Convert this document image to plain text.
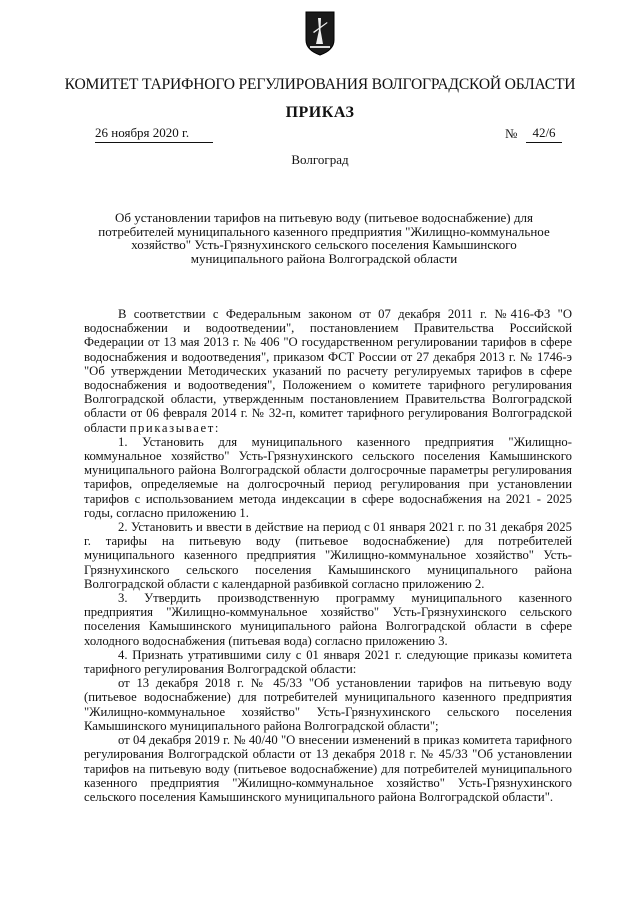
КОМИТЕТ ТАРИФНОГО РЕГУЛИРОВАНИЯ ВОЛГОГРАДСКОЙ ОБЛАСТИ
ПРИКАЗ
26 ноября 2020 г.	№	42/6
Волгоград
Об установлении тарифов на питьевую воду (питьевое водоснабжение) для потребителей муниципального казенного предприятия "Жилищно-коммунальное хозяйство" Усть-Грязнухинского сельского поселения Камышинского муниципального района Волгоградской области

В соответствии с Федеральным законом от 07 декабря 2011 г. №416-ФЗ "О водоснабжении и водоотведении", постановлением Правительства Российской Федерации от 13 мая 2013 г. № 406 "О государственном регулировании тарифов в сфере водоснабжения и водоотведения", приказом ФСТ России от 27 декабря 2013 г. № 1746-э "Об утверждении Методических указаний по расчету регулируемых тарифов в сфере водоснабжения и водоотведения", Положением о комитете тарифного регулирования Волгоградской области, утвержденным постановлением Правительства Волгоградской области от 06 февраля 2014 г. № 32-п, комитет тарифного регулирования Волгоградской области приказывает:

1. Установить для муниципального казенного предприятия "Жилищно-коммунальное хозяйство" Усть-Грязнухинского сельского поселения Камышинского муниципального района Волгоградской области долгосрочные параметры регулирования тарифов, определяемые на долгосрочный период регулирования при установлении тарифов с использованием метода индексации в сфере водоснабжения на 2021 - 2025 годы, согласно приложению 1.

2. Установить и ввести в действие на период с 01 января 2021 г. по 31 декабря 2025 г. тарифы на питьевую воду (питьевое водоснабжение) для потребителей муниципального казенного предприятия "Жилищно-коммунальное хозяйство" Усть-Грязнухинского сельского поселения Камышинского муниципального района Волгоградской области с календарной разбивкой согласно приложению 2.

3. Утвердить производственную программу муниципального казенного предприятия "Жилищно-коммунальное хозяйство" Усть-Грязнухинского сельского поселения Камышинского муниципального района Волгоградской области в сфере холодного водоснабжения (питьевая вода) согласно приложению 3.

4. Признать утратившими силу с 01 января 2021 г. следующие приказы комитета тарифного регулирования Волгоградской области:

от 13 декабря 2018 г. № 45/33 "Об установлении тарифов на питьевую воду (питьевое водоснабжение) для потребителей муниципального казенного предприятия "Жилищно-коммунальное хозяйство" Усть-Грязнухинского сельского поселения Камышинского муниципального района Волгоградской области";

от 04 декабря 2019 г. № 40/40 "О внесении изменений в приказ комитета тарифного регулирования Волгоградской области от 13 декабря 2018 г. № 45/33 "Об установлении тарифов на питьевую воду (питьевое водоснабжение) для потребителей муниципального казенного предприятия "Жилищно-коммунальное хозяйство" Усть-Грязнухинского сельского поселения Камышинского муниципального района Волгоградской области".
